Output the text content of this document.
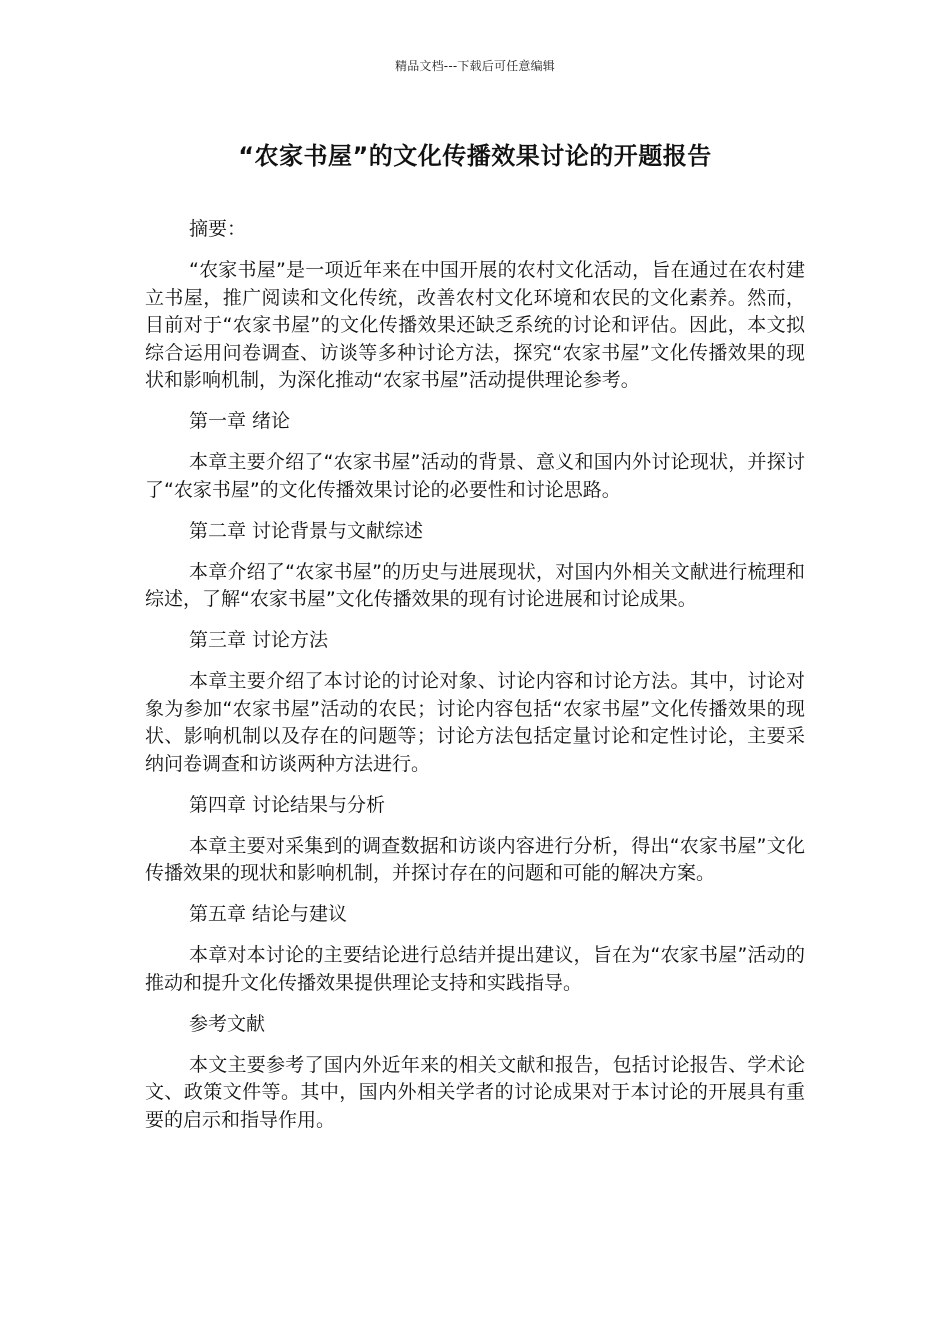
精品文档---下载后可任意编辑
“农家书屋”的文化传播效果讨论的开题报告

摘要：

“农家书屋”是一项近年来在中国开展的农村文化活动，旨在通过在农村建立书屋，推广阅读和文化传统，改善农村文化环境和农民的文化素养。然而，目前对于“农家书屋”的文化传播效果还缺乏系统的讨论和评估。因此，本文拟综合运用问卷调查、访谈等多种讨论方法，探究“农家书屋”文化传播效果的现状和影响机制，为深化推动“农家书屋”活动提供理论参考。

第一章 绪论

本章主要介绍了“农家书屋”活动的背景、意义和国内外讨论现状，并探讨了“农家书屋”的文化传播效果讨论的必要性和讨论思路。

第二章 讨论背景与文献综述

本章介绍了“农家书屋”的历史与进展现状，对国内外相关文献进行梳理和综述，了解“农家书屋”文化传播效果的现有讨论进展和讨论成果。

第三章 讨论方法

本章主要介绍了本讨论的讨论对象、讨论内容和讨论方法。其中，讨论对象为参加“农家书屋”活动的农民；讨论内容包括“农家书屋”文化传播效果的现状、影响机制以及存在的问题等；讨论方法包括定量讨论和定性讨论，主要采纳问卷调查和访谈两种方法进行。

第四章 讨论结果与分析

本章主要对采集到的调查数据和访谈内容进行分析，得出“农家书屋”文化传播效果的现状和影响机制，并探讨存在的问题和可能的解决方案。

第五章 结论与建议

本章对本讨论的主要结论进行总结并提出建议，旨在为“农家书屋”活动的推动和提升文化传播效果提供理论支持和实践指导。

参考文献

本文主要参考了国内外近年来的相关文献和报告，包括讨论报告、学术论文、政策文件等。其中，国内外相关学者的讨论成果对于本讨论的开展具有重要的启示和指导作用。
